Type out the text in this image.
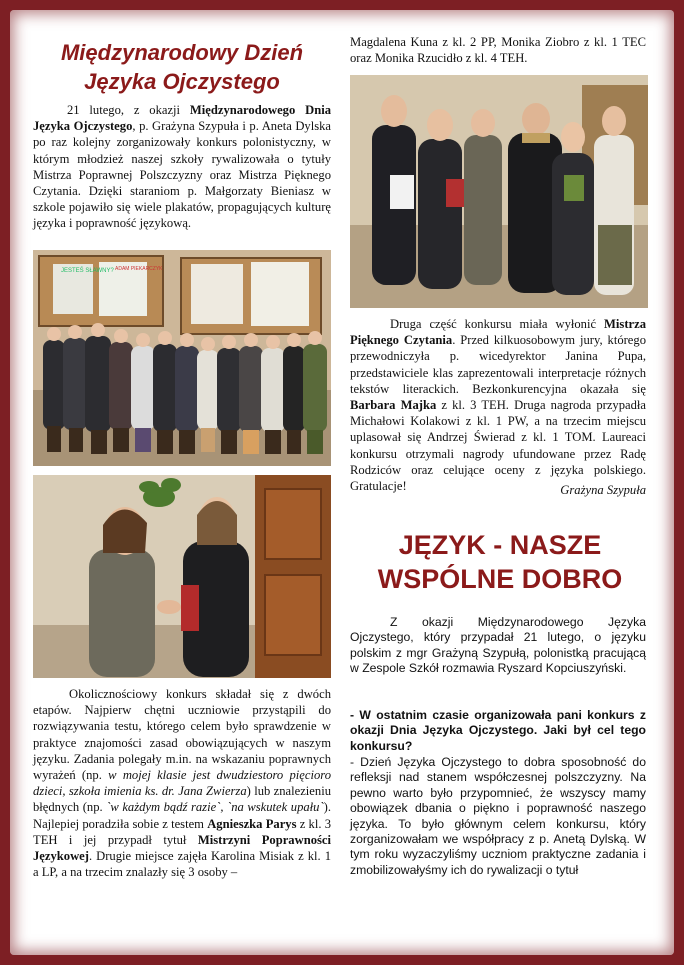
Międzynarodowy Dzień
Języka Ojczystego
21 lutego, z okazji Międzynarodowego Dnia Języka Ojczystego, p. Grażyna Szypuła i p. Aneta Dylska po raz kolejny zorganizowały konkurs polonistyczny, w którym młodzież naszej szkoły rywalizowała o tytuły Mistrza Poprawnej Polszczyzny oraz Mistrza Pięknego Czytania. Dzięki staraniom p. Małgorzaty Bieniasz w szkole pojawiło się wiele plakatów, propagujących kulturę języka i poprawność językową.
JESTEŚ SŁAWNY? ADAM PIEKARCZYK
Okolicznościowy konkurs składał się z dwóch etapów. Najpierw chętni uczniowie przystąpili do rozwiązywania testu, którego celem było sprawdzenie w praktyce znajomości zasad obowiązujących w naszym języku. Zadania polegały m.in. na wskazaniu poprawnych wyrażeń (np. w mojej klasie jest dwudziestoro pięcioro dzieci, szkoła imienia ks. dr. Jana Zwierza) lub znalezieniu błędnych (np. `w każdym bądź razie`, `na wskutek upału`). Najlepiej poradziła sobie z testem Agnieszka Parys z kl. 3 TEH i jej przypadł tytuł Mistrzyni Poprawności Językowej. Drugie miejsce zajęła Karolina Misiak z kl. 1 a LP, a na trzecim znalazły się 3 osoby –
Magdalena Kuna z kl. 2 PP, Monika Ziobro z kl. 1 TEC oraz Monika Rzucidło z kl. 4 TEH.
Druga część konkursu miała wyłonić Mistrza Pięknego Czytania. Przed kilkuosobowym jury, którego przewodniczyła p. wicedyrektor Janina Pupa, przedstawiciele klas zaprezentowali interpretacje różnych tekstów literackich. Bezkonkurencyjna okazała się Barbara Majka z kl. 3 TEH. Druga nagroda przypadła Michałowi Kolakowi z kl. 1 PW, a na trzecim miejscu uplasował się Andrzej Świerad z kl. 1 TOM. Laureaci konkursu otrzymali nagrody ufundowane przez Radę Rodziców oraz celujące oceny z języka polskiego. Gratulacje!	Grażyna Szypuła
JĘZYK - NASZE
WSPÓLNE DOBRO
Z okazji Międzynarodowego Języka Ojczystego, który przypadał 21 lutego, o języku polskim z mgr Grażyną Szypułą, polonistką pracującą w Zespole Szkół rozmawia Ryszard Kopciuszyński.
- W ostatnim czasie organizowała pani konkurs z okazji Dnia Języka Ojczystego. Jaki był cel tego konkursu?
- Dzień Języka Ojczystego to dobra sposobność do refleksji nad stanem współczesnej polszczyzny. Na pewno warto było przypomnieć, że wszyscy mamy obowiązek dbania o piękno i poprawność naszego języka. To było głównym celem konkursu, który zorganizowałam we współpracy z p. Anetą Dylską. W tym roku wyzaczyliśmy uczniom praktyczne zadania i zmobilizowałyśmy ich do rywalizacji o tytuł
